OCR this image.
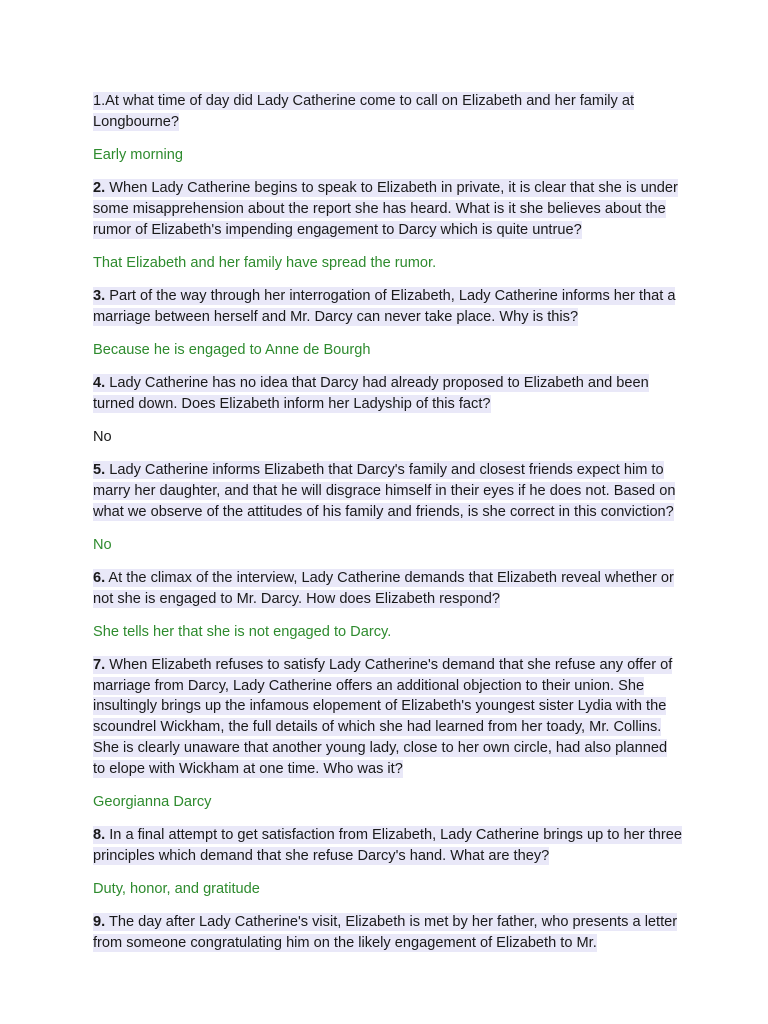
1.At what time of day did Lady Catherine come to call on Elizabeth and her family at Longbourne?

Early morning

2. When Lady Catherine begins to speak to Elizabeth in private, it is clear that she is under some misapprehension about the report she has heard. What is it she believes about the rumor of Elizabeth's impending engagement to Darcy which is quite untrue?

That Elizabeth and her family have spread the rumor.

3. Part of the way through her interrogation of Elizabeth, Lady Catherine informs her that a marriage between herself and Mr. Darcy can never take place. Why is this?

Because he is engaged to Anne de Bourgh

4. Lady Catherine has no idea that Darcy had already proposed to Elizabeth and been turned down. Does Elizabeth inform her Ladyship of this fact?

No

5. Lady Catherine informs Elizabeth that Darcy's family and closest friends expect him to marry her daughter, and that he will disgrace himself in their eyes if he does not. Based on what we observe of the attitudes of his family and friends, is she correct in this conviction?

No

6. At the climax of the interview, Lady Catherine demands that Elizabeth reveal whether or not she is engaged to Mr. Darcy. How does Elizabeth respond?

She tells her that she is not engaged to Darcy.

7. When Elizabeth refuses to satisfy Lady Catherine's demand that she refuse any offer of marriage from Darcy, Lady Catherine offers an additional objection to their union. She insultingly brings up the infamous elopement of Elizabeth's youngest sister Lydia with the scoundrel Wickham, the full details of which she had learned from her toady, Mr. Collins. She is clearly unaware that another young lady, close to her own circle, had also planned to elope with Wickham at one time. Who was it?

Georgianna Darcy

8. In a final attempt to get satisfaction from Elizabeth, Lady Catherine brings up to her three principles which demand that she refuse Darcy's hand. What are they?

Duty, honor, and gratitude

9. The day after Lady Catherine's visit, Elizabeth is met by her father, who presents a letter from someone congratulating him on the likely engagement of Elizabeth to Mr.
